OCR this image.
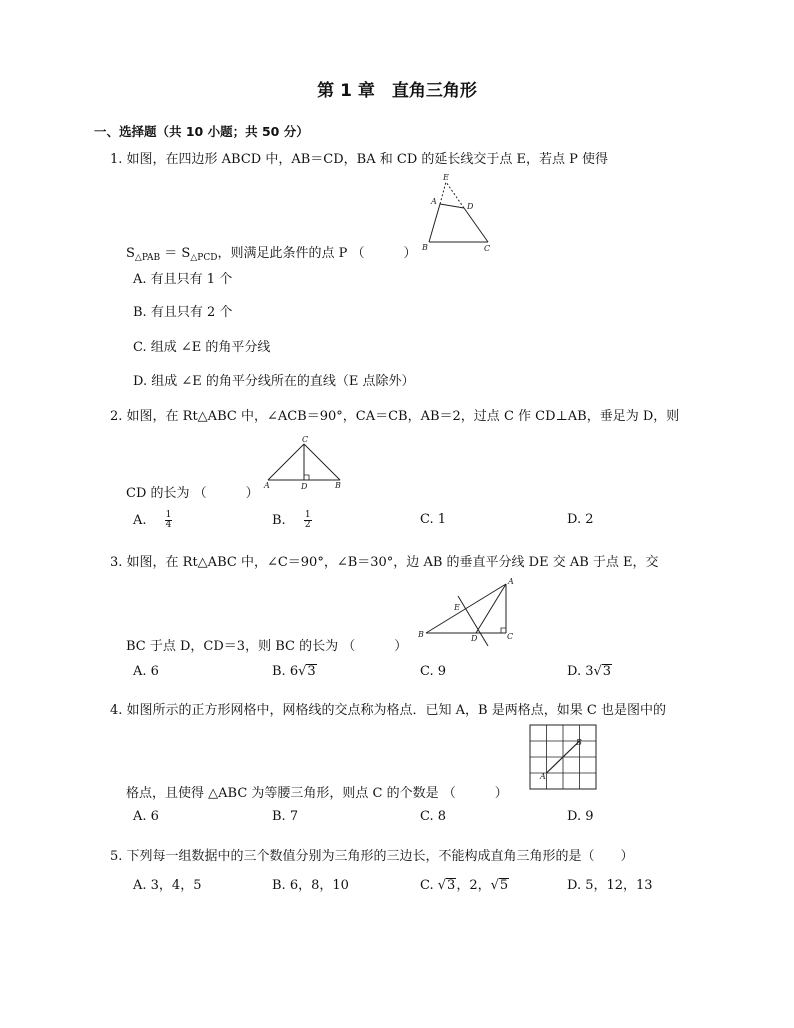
第 1 章　直角三角形
一、选择题（共 10 小题；共 50 分）
1. 如图，在四边形 ABCD 中，AB＝CD，BA 和 CD 的延长线交于点 E，若点 P 使得
$S_{\triangle PAB} = S_{\triangle PCD}$，则满足此条件的点 P （　　　）
E
A
D
B	C
A. 有且只有 1 个
B. 有且只有 2 个
C. 组成 ∠E 的角平分线
D. 组成 ∠E 的角平分线所在的直线（E 点除外）
2. 如图，在 Rt△ABC 中，∠ACB＝90°，CA＝CB，AB＝2，过点 C 作 CD⊥AB，垂足为 D，则
C
A	D	B
CD 的长为 （　　　）
A. $\frac{1}{4}$	B. $\frac{1}{2}$	C. 1	D. 2
3. 如图，在 Rt△ABC 中，∠C＝90°，∠B＝30°，边 AB 的垂直平分线 DE 交 AB 于点 E，交
A
E
B	D	C
BC 于点 D，CD＝3，则 BC 的长为 （　　　）
A. 6	B. 6√3	C. 9	D. 3√3
4. 如图所示的正方形网格中，网格线的交点称为格点．已知 A，B 是两格点，如果 C 也是图中的
A
B
格点，且使得 △ABC 为等腰三角形，则点 C 的个数是 （　　　）
A. 6	B. 7	C. 8	D. 9
5. 下列每一组数据中的三个数值分别为三角形的三边长，不能构成直角三角形的是（　　）
A. 3，4，5	B. 6，8，10	C. √3，2，√5	D. 5，12，13
